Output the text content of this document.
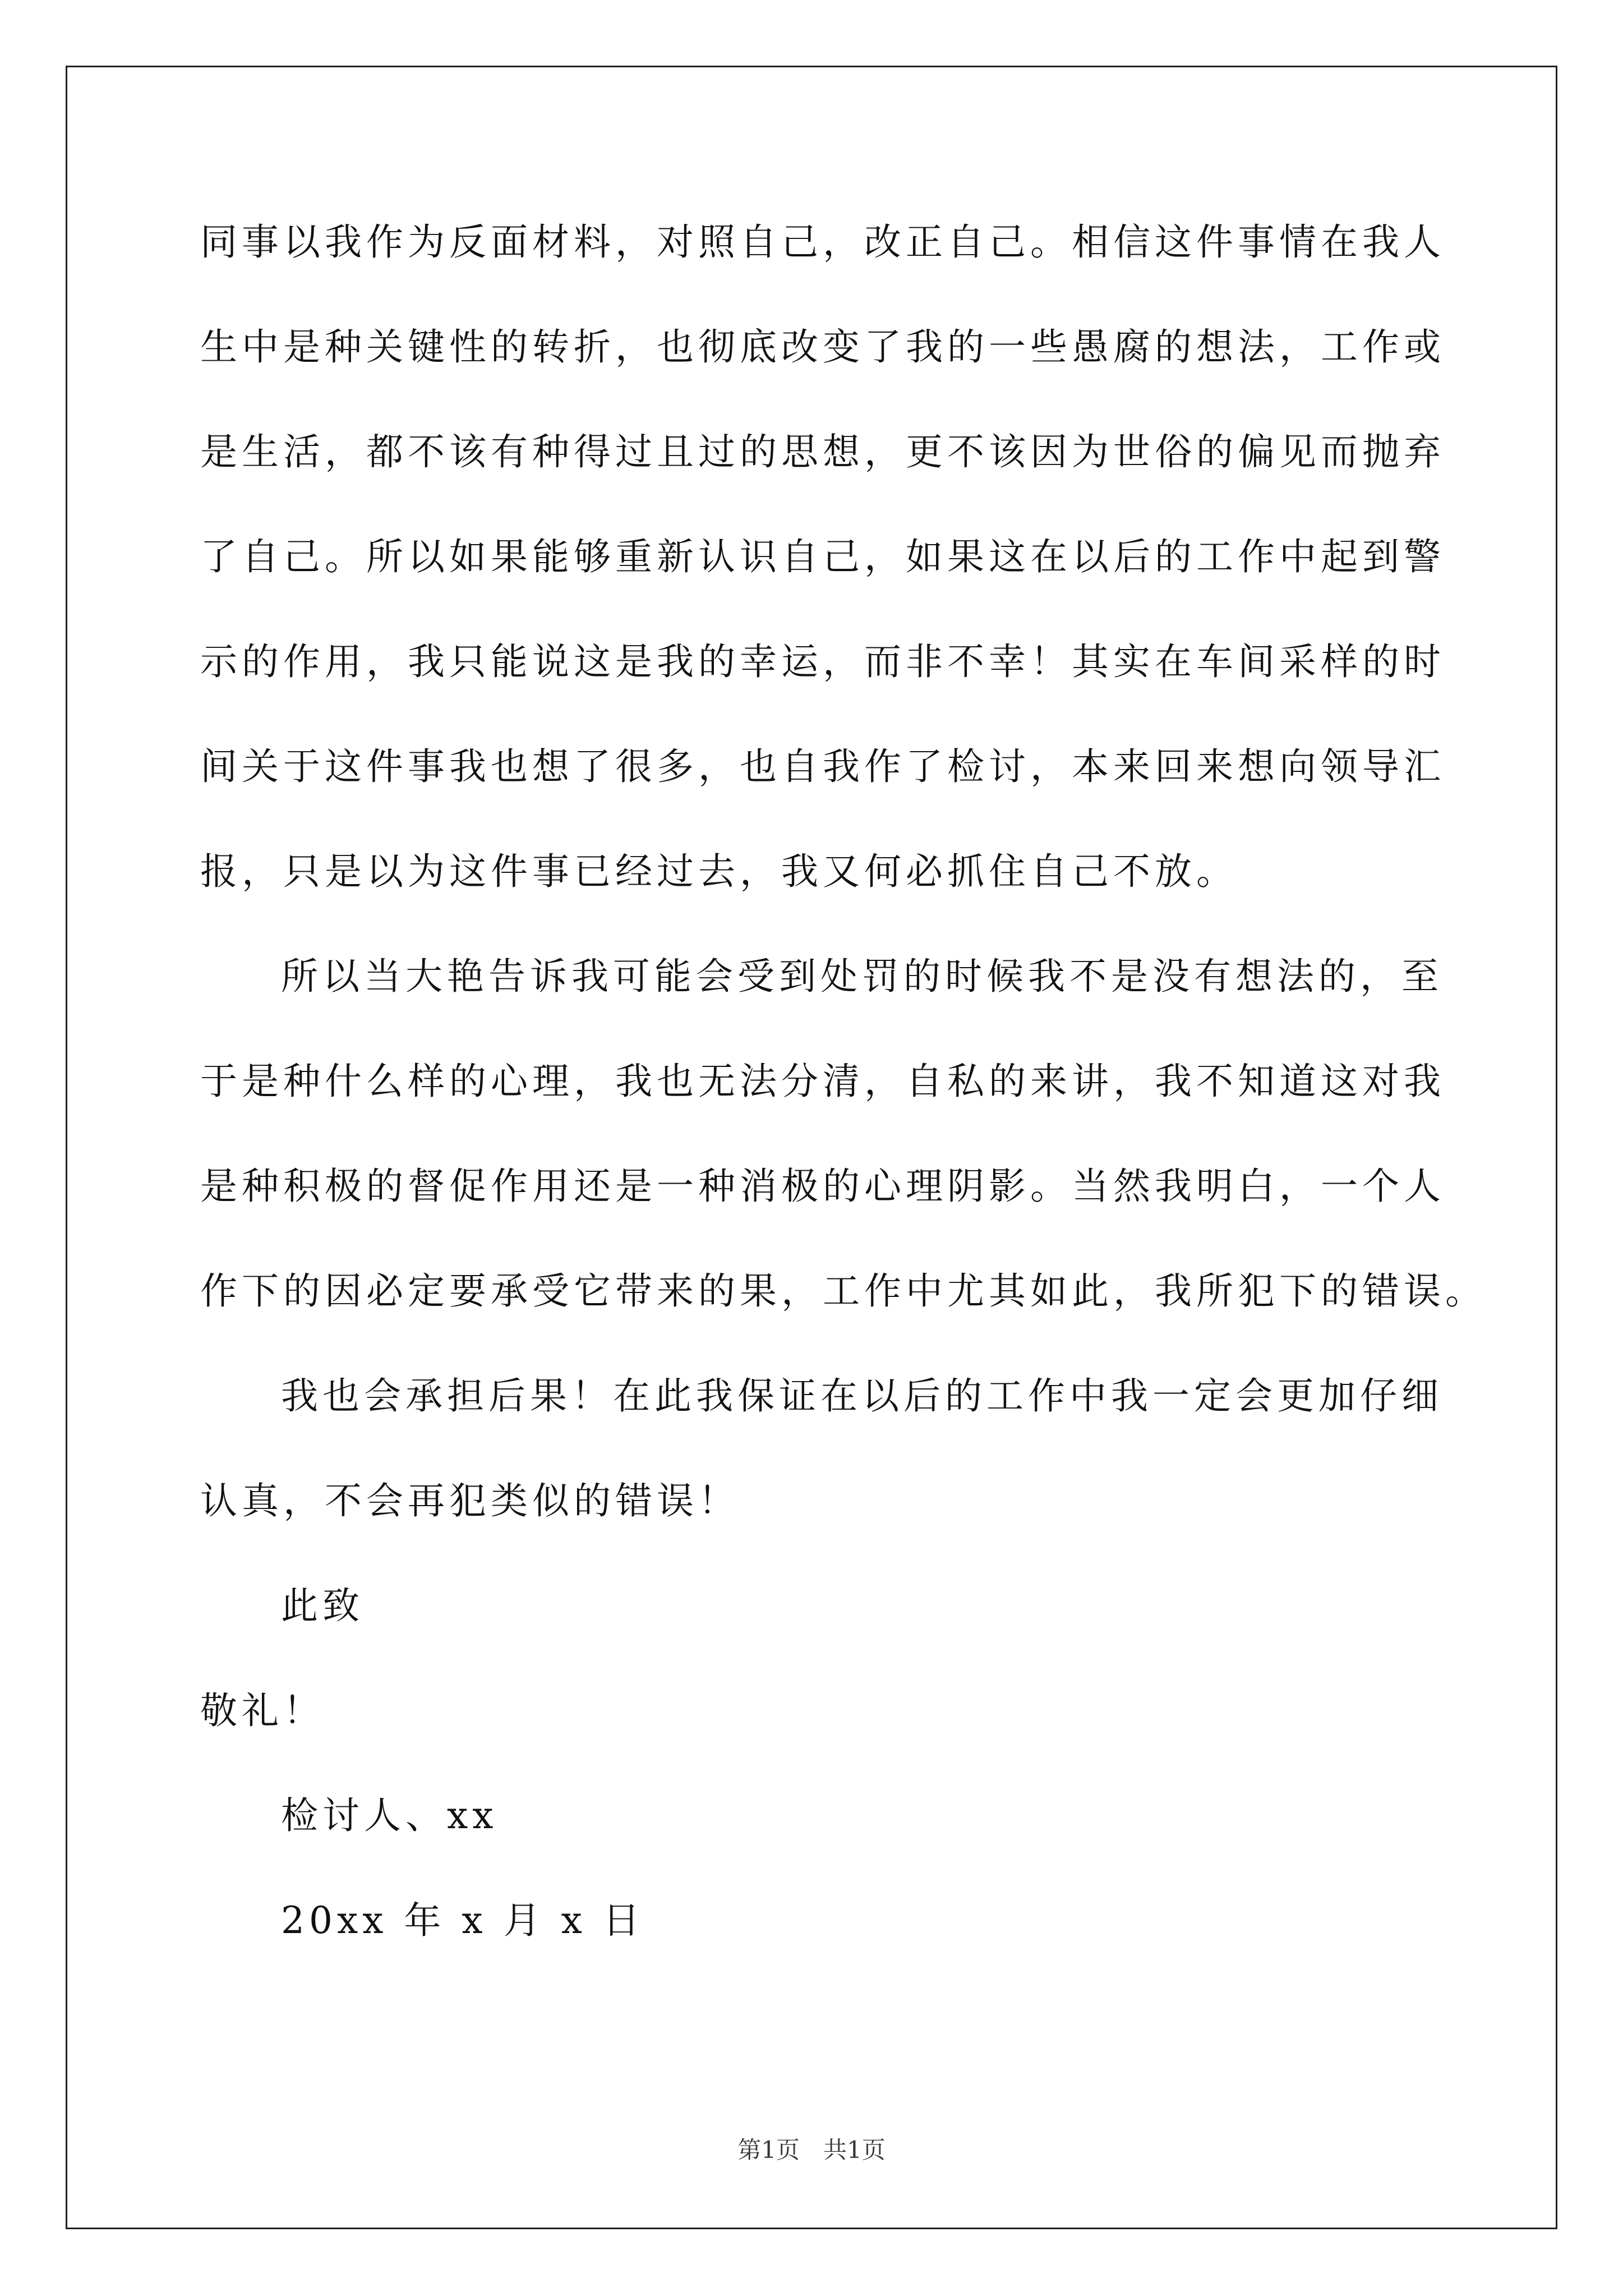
同事以我作为反面材料，对照自己，改正自己。相信这件事情在我人
生中是种关键性的转折，也彻底改变了我的一些愚腐的想法，工作或
是生活，都不该有种得过且过的思想，更不该因为世俗的偏见而抛弃
了自己。所以如果能够重新认识自己，如果这在以后的工作中起到警
示的作用，我只能说这是我的幸运，而非不幸！其实在车间采样的时
间关于这件事我也想了很多，也自我作了检讨，本来回来想向领导汇
报，只是以为这件事已经过去，我又何必抓住自己不放。
所以当大艳告诉我可能会受到处罚的时候我不是没有想法的，至
于是种什么样的心理，我也无法分清，自私的来讲，我不知道这对我
是种积极的督促作用还是一种消极的心理阴影。当然我明白，一个人
作下的因必定要承受它带来的果，工作中尤其如此，我所犯下的错误。
我也会承担后果！在此我保证在以后的工作中我一定会更加仔细
认真，不会再犯类似的错误！
此致
敬礼！
检讨人、xx
20xx 年 x 月 x 日
第1页　共1页
